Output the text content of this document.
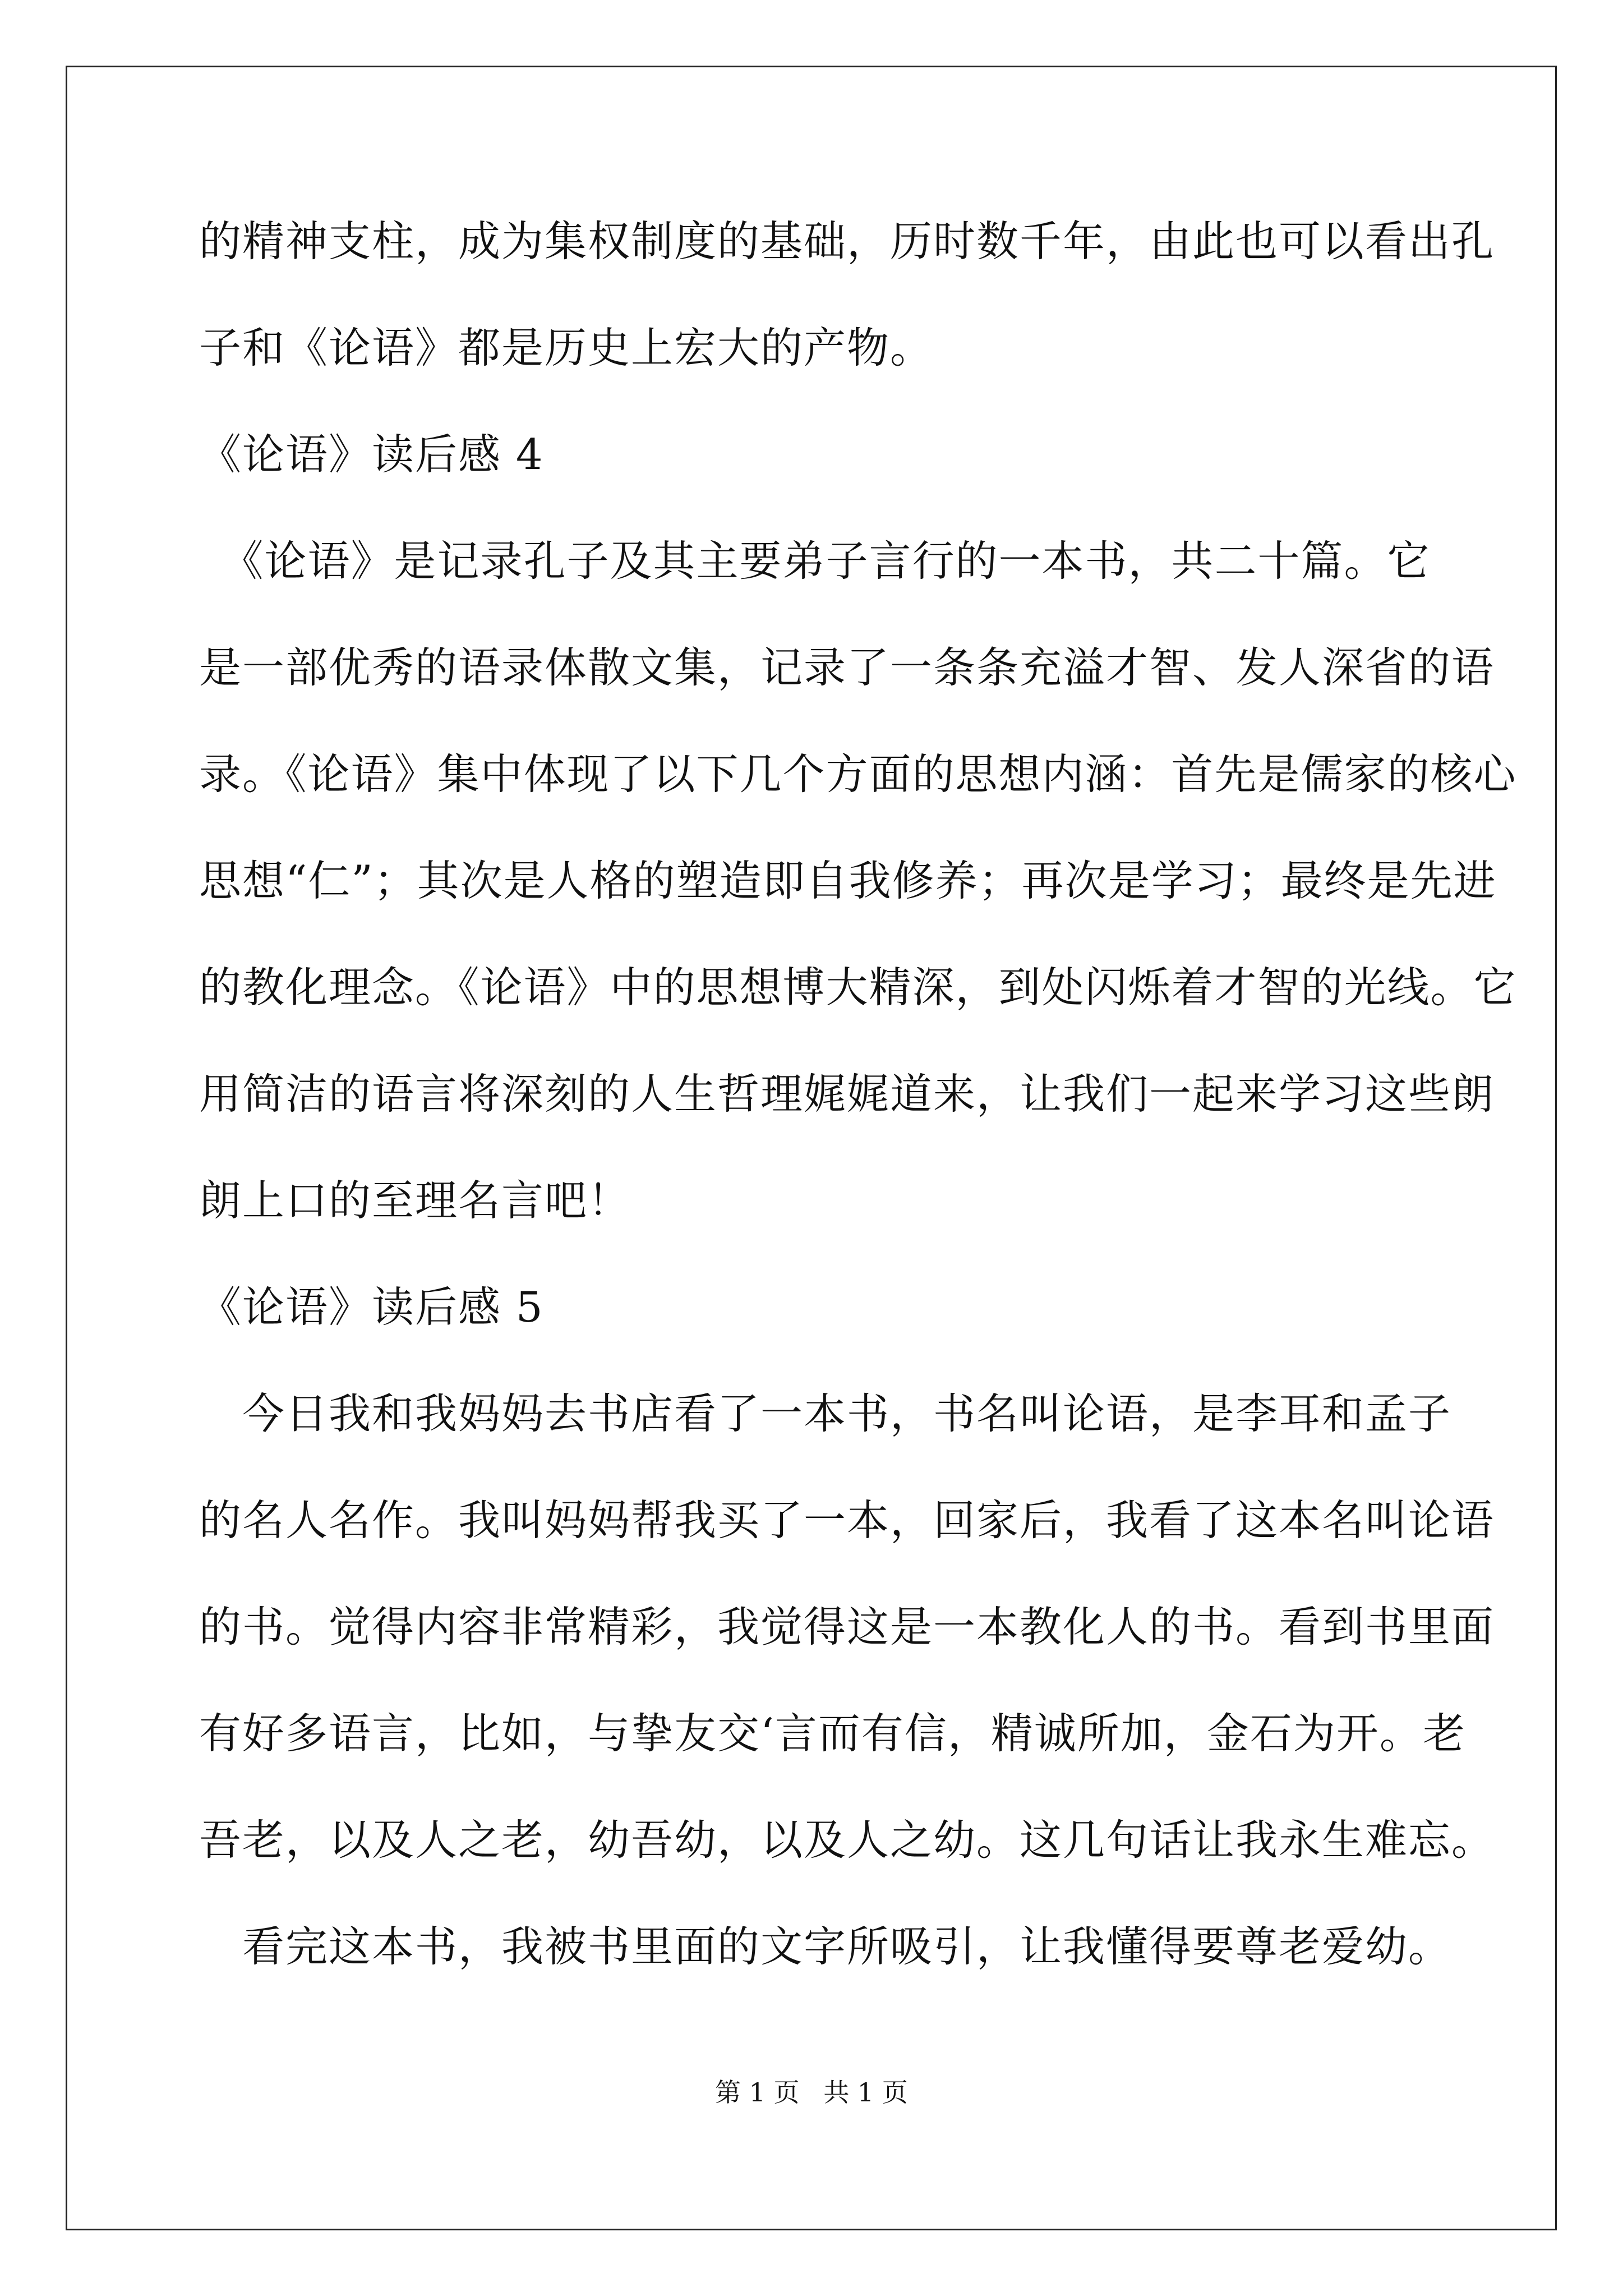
的精神支柱，成为集权制度的基础，历时数千年，由此也可以看出孔
子和《论语》都是历史上宏大的产物。
《论语》读后感 4
　《论语》是记录孔子及其主要弟子言行的一本书，共二十篇。它
是一部优秀的语录体散文集，记录了一条条充溢才智、发人深省的语
录。《论语》集中体现了以下几个方面的思想内涵：首先是儒家的核心
思想“仁”；其次是人格的塑造即自我修养；再次是学习；最终是先进
的教化理念。《论语》中的思想博大精深，到处闪烁着才智的光线。它
用简洁的语言将深刻的人生哲理娓娓道来，让我们一起来学习这些朗
朗上口的至理名言吧！
《论语》读后感 5
　今日我和我妈妈去书店看了一本书，书名叫论语，是李耳和孟子
的名人名作。我叫妈妈帮我买了一本，回家后，我看了这本名叫论语
的书。觉得内容非常精彩，我觉得这是一本教化人的书。看到书里面
有好多语言，比如，与挚友交‘言而有信，精诚所加，金石为开。老
吾老，以及人之老，幼吾幼，以及人之幼。这几句话让我永生难忘。
　看完这本书，我被书里面的文字所吸引，让我懂得要尊老爱幼。
第 1 页 共 1 页
